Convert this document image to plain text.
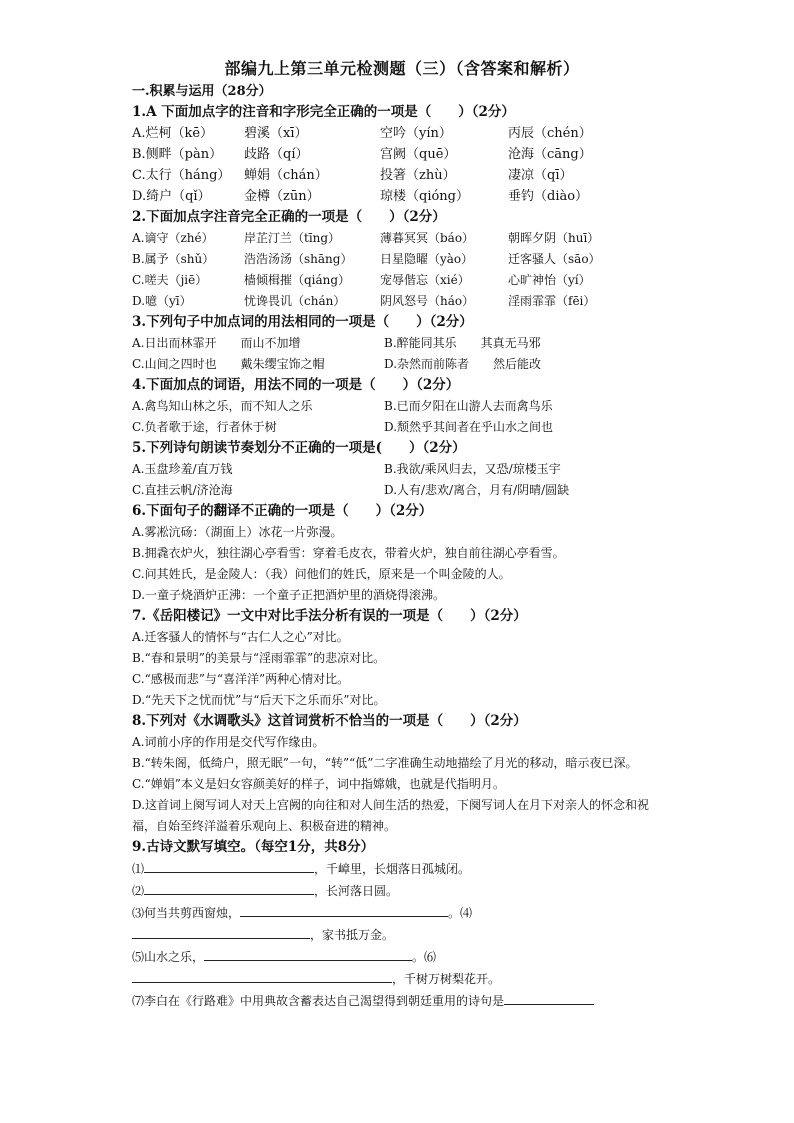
部编九上第三单元检测题（三）（含答案和解析）
一.积累与运用（28分）
1.A 下面加点字的注音和字形完全正确的一项是（　　）（2分）
A.烂柯（kē）	碧溪（xī）	空吟（yín）	丙辰（chén）
B.侧畔（pàn）	歧路（qí）	宫阙（quē）	沧海（cāng）
C.太行（háng）	蝉娟（chán）	投箸（zhù）	凄凉（qī）
D.绮户（qǐ）	金樽（zūn）	琼楼（qióng）	垂钓（diào）
2.下面加点字注音完全正确的一项是（　　）（2分）
A.谪守（zhé）	岸芷汀兰（tīng）	薄暮冥冥（báo）	朝晖夕阴（huī）
B.属予（shǔ）	浩浩汤汤（shāng）	日星隐曜（yào）	迁客骚人（sāo）
C.嗟夫（jiē）	樯倾楫摧（qiáng）	宠辱偕忘（xié）	心旷神怡（yí）
D.噫（yī）	忧谗畏讥（chán）	阴风怒号（háo）	淫雨霏霏（fēi）
3.下列句子中加点词的用法相同的一项是（　　）（2分）
A.日出而林霏开　　而山不加增	B.醉能同其乐　　其真无马邪
C.山间之四时也　　戴朱缨宝饰之帽	D.杂然而前陈者　　然后能改
4.下面加点的词语，用法不同的一项是（　　）（2分）
A.禽鸟知山林之乐，而不知人之乐	B.已而夕阳在山游人去而禽鸟乐
C.负者歌于途，行者休于树	D.颓然乎其间者在乎山水之间也
5.下列诗句朗读节奏划分不正确的一项是(　　）（2分）
A.玉盘珍羞/直万钱	B.我欲/乘风归去，又恐/琼楼玉宇
C.直挂云帆/济沧海	D.人有/悲欢/离合，月有/阴晴/圆缺
6.下面句子的翻译不正确的一项是（　　）（2分）
A.雾凇沆砀：（湖面上）冰花一片弥漫。
B.拥毳衣炉火，独往湖心亭看雪：穿着毛皮衣，带着火炉，独自前往湖心亭看雪。
C.问其姓氏，是金陵人：（我）问他们的姓氏，原来是一个叫金陵的人。
D.一童子烧酒炉正沸：一个童子正把酒炉里的酒烧得滚沸。
7.《岳阳楼记》一文中对比手法分析有误的一项是（　　）（2分）
A.迁客骚人的情怀与“古仁人之心”对比。
B.“春和景明”的美景与“淫雨霏霏”的悲凉对比。
C.“感极而悲”与“喜洋洋”两种心情对比。
D.“先天下之忧而忧”与“后天下之乐而乐”对比。
8.下列对《水调歌头》这首词赏析不恰当的一项是（　　）（2分）
A.词前小序的作用是交代写作缘由。
B.“转朱阁，低绮户，照无眠”一句，“转”“低”二字准确生动地描绘了月光的移动，暗示夜已深。
C.“婵娟”本义是妇女容颜美好的样子，词中指嫦娥，也就是代指明月。
D.这首词上阕写词人对天上宫阙的向往和对人间生活的热爱，下阕写词人在月下对亲人的怀念和祝福，自始至终洋溢着乐观向上、积极奋进的精神。
9.古诗文默写填空。（每空1分，共8分）
⑴	，千嶂里，长烟落日孤城闭。
⑵	，长河落日圆。
⑶何当共剪西窗烛，	。⑷
，家书抵万金。
⑸山水之乐，	。⑹
，千树万树梨花开。
⑺李白在《行路难》中用典故含蓄表达自己渴望得到朝廷重用的诗句是
